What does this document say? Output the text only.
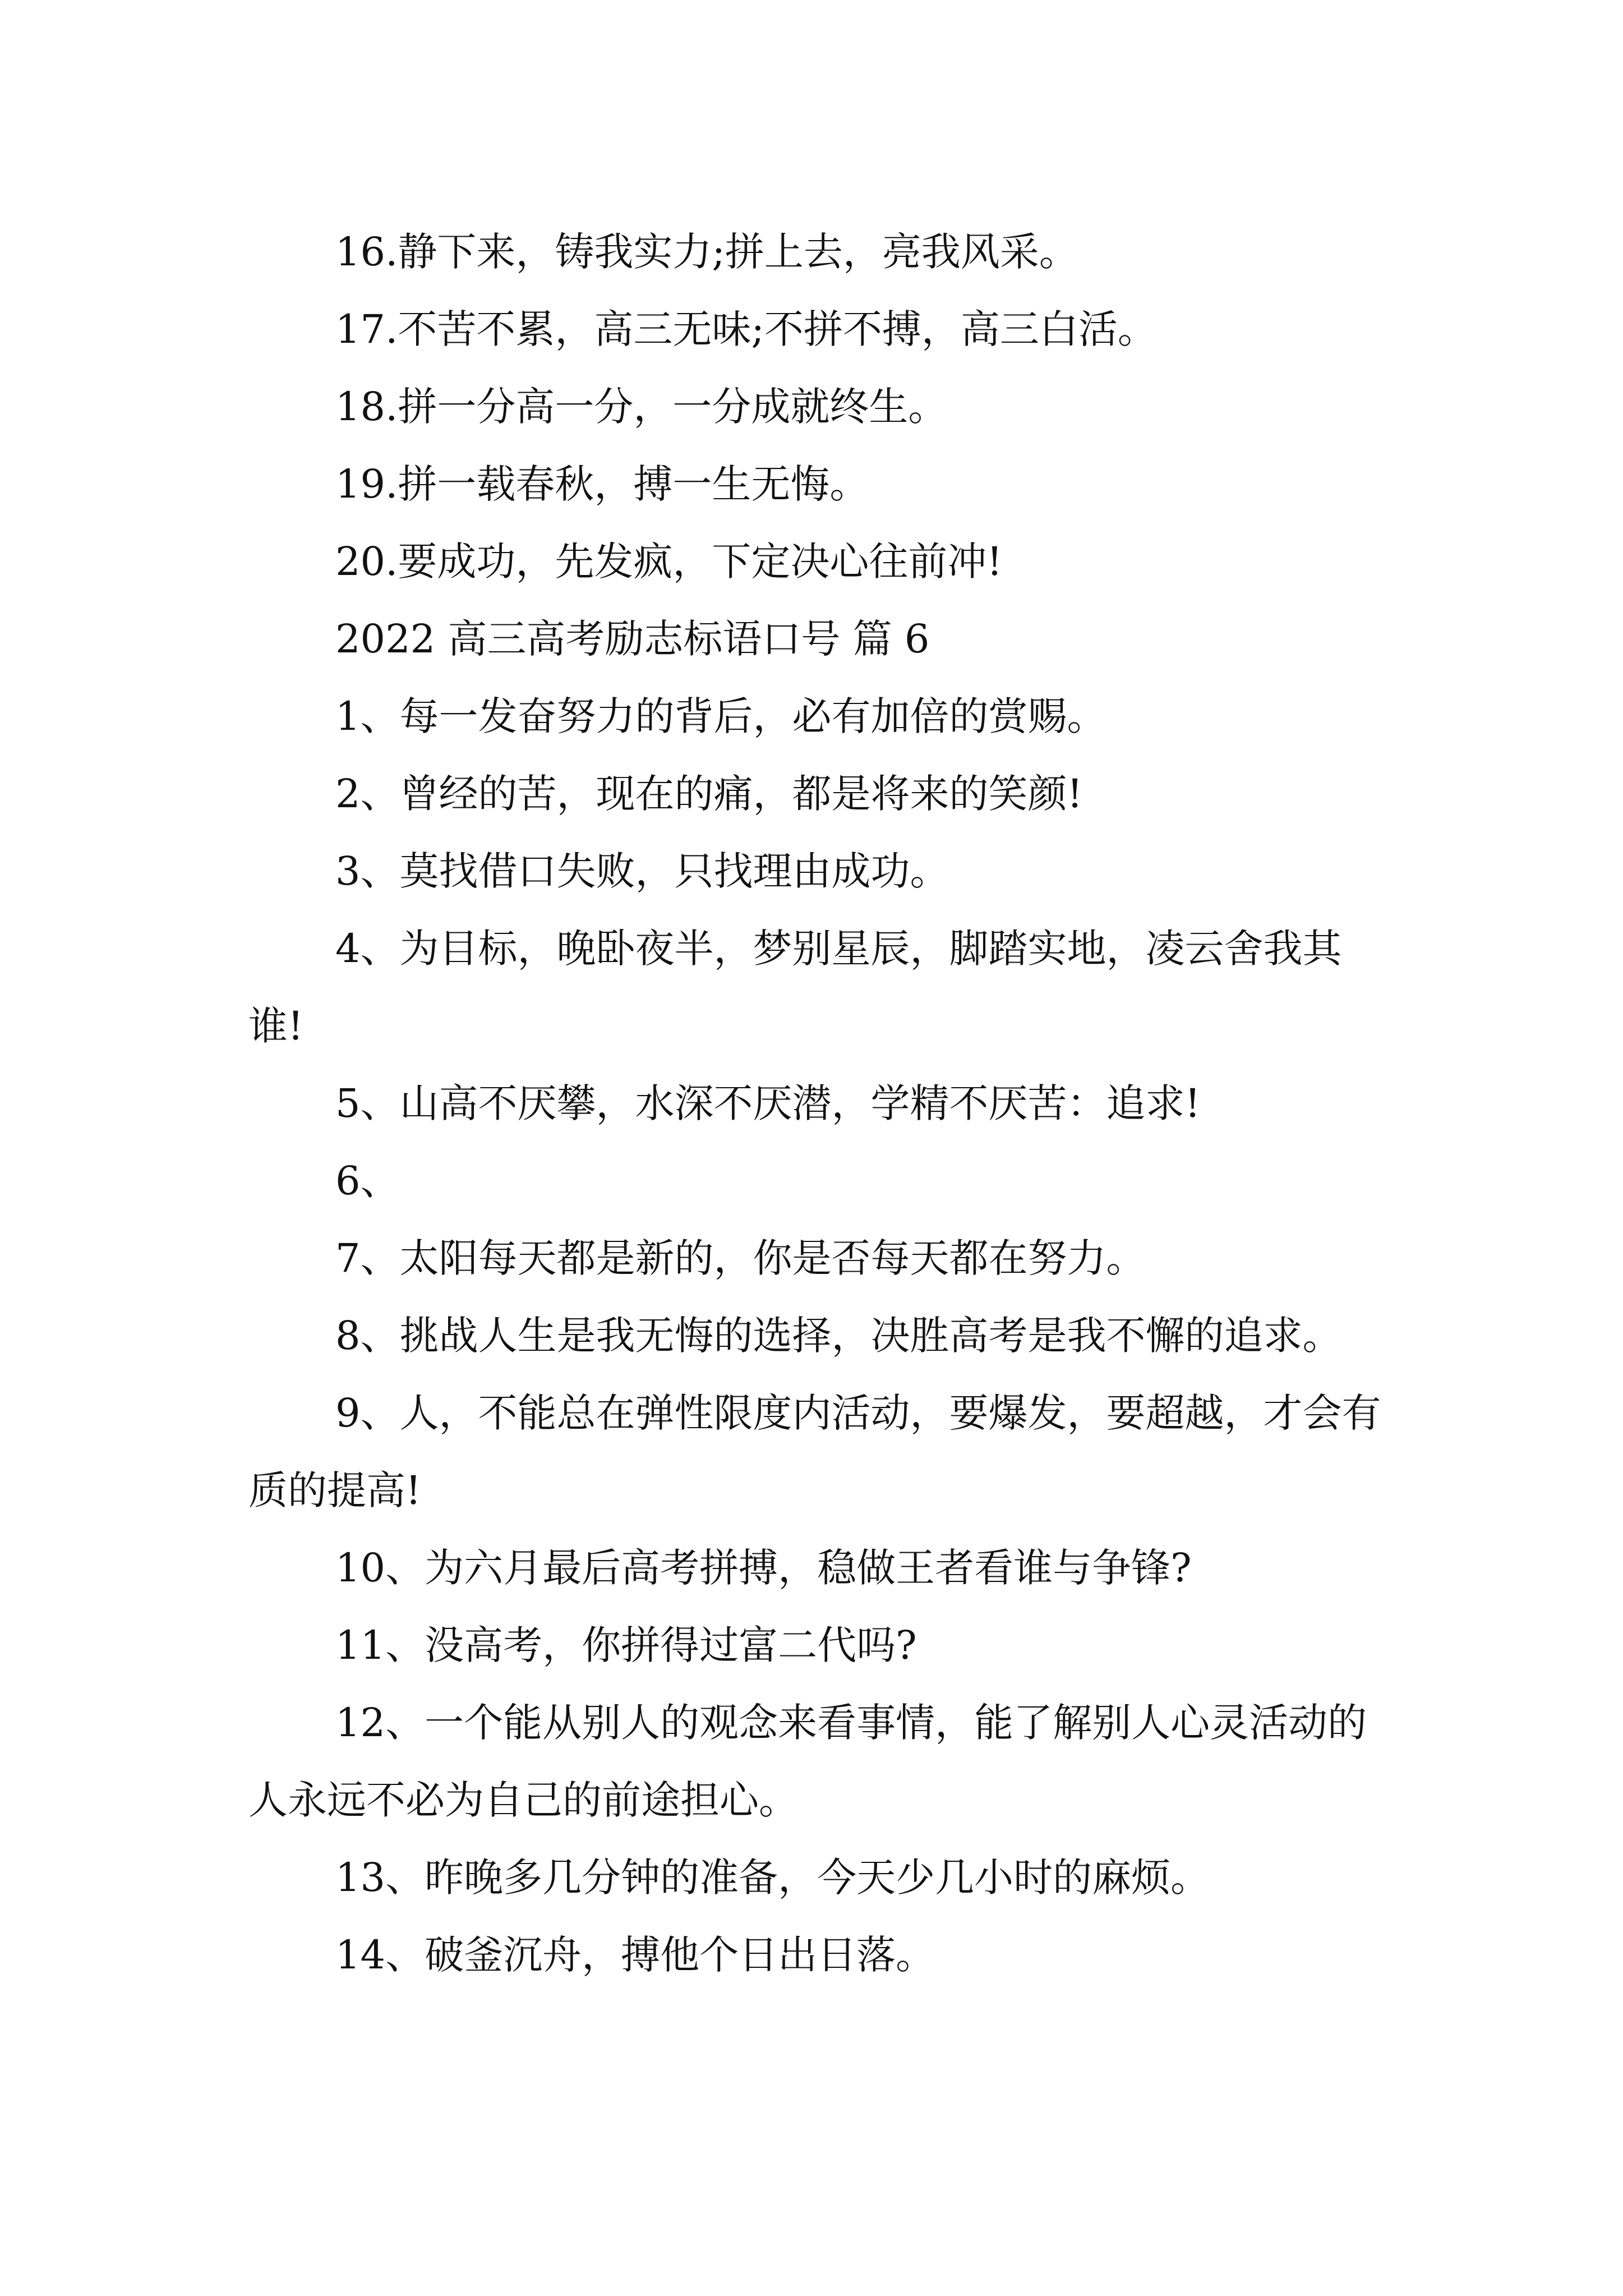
16.静下来，铸我实力;拼上去，亮我风采。

17.不苦不累，高三无味;不拼不搏，高三白活。

18.拼一分高一分，一分成就终生。

19.拼一载春秋，搏一生无悔。

20.要成功，先发疯，下定决心往前冲!

2022 高三高考励志标语口号 篇 6

1、每一发奋努力的背后，必有加倍的赏赐。

2、曾经的苦，现在的痛，都是将来的笑颜!

3、莫找借口失败，只找理由成功。

4、为目标，晚卧夜半，梦别星辰，脚踏实地，凌云舍我其谁!

5、山高不厌攀，水深不厌潜，学精不厌苦：追求!

6、

7、太阳每天都是新的，你是否每天都在努力。

8、挑战人生是我无悔的选择，决胜高考是我不懈的追求。

9、人，不能总在弹性限度内活动，要爆发，要超越，才会有质的提高!

10、为六月最后高考拼搏，稳做王者看谁与争锋?

11、没高考，你拼得过富二代吗?

12、一个能从别人的观念来看事情，能了解别人心灵活动的人永远不必为自己的前途担心。

13、昨晚多几分钟的准备，今天少几小时的麻烦。

14、破釜沉舟，搏他个日出日落。
